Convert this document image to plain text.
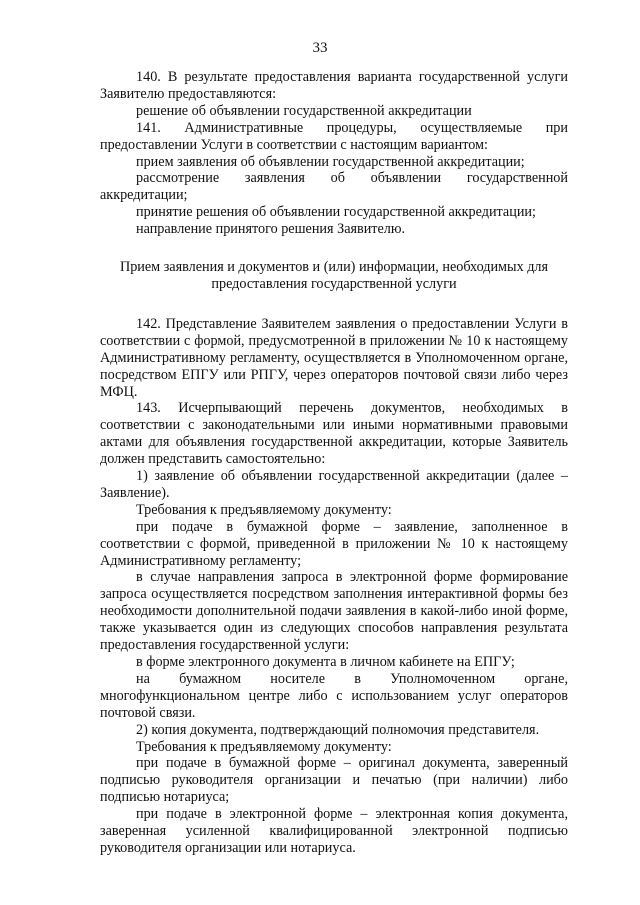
33

140. В результате предоставления варианта государственной услуги Заявителю предоставляются:

решение об объявлении государственной аккредитации

141. Административные процедуры, осуществляемые при предоставлении Услуги в соответствии с настоящим вариантом:

прием заявления об объявлении государственной аккредитации;

рассмотрение заявления об объявлении государственной аккредитации;

принятие решения об объявлении государственной аккредитации;

направление принятого решения Заявителю.

Прием заявления и документов и (или) информации, необходимых для предоставления государственной услуги

142. Представление Заявителем заявления о предоставлении Услуги в соответствии с формой, предусмотренной в приложении № 10 к настоящему Административному регламенту, осуществляется в Уполномоченном органе, посредством ЕПГУ или РПГУ, через операторов почтовой связи либо через МФЦ.

143. Исчерпывающий перечень документов, необходимых в соответствии с законодательными или иными нормативными правовыми актами для объявления государственной аккредитации, которые Заявитель должен представить самостоятельно:

1) заявление об объявлении государственной аккредитации (далее – Заявление).

Требования к предъявляемому документу:

при подаче в бумажной форме – заявление, заполненное в соответствии с формой, приведенной в приложении № 10 к настоящему Административному регламенту;

в случае направления запроса в электронной форме формирование запроса осуществляется посредством заполнения интерактивной формы без необходимости дополнительной подачи заявления в какой-либо иной форме, также указывается один из следующих способов направления результата предоставления государственной услуги:

в форме электронного документа в личном кабинете на ЕПГУ;

на бумажном носителе в Уполномоченном органе, многофункциональном центре либо с использованием услуг операторов почтовой связи.

2) копия документа, подтверждающий полномочия представителя.

Требования к предъявляемому документу:

при подаче в бумажной форме – оригинал документа, заверенный подписью руководителя организации и печатью (при наличии) либо подписью нотариуса;

при подаче в электронной форме – электронная копия документа, заверенная усиленной квалифицированной электронной подписью руководителя организации или нотариуса.
